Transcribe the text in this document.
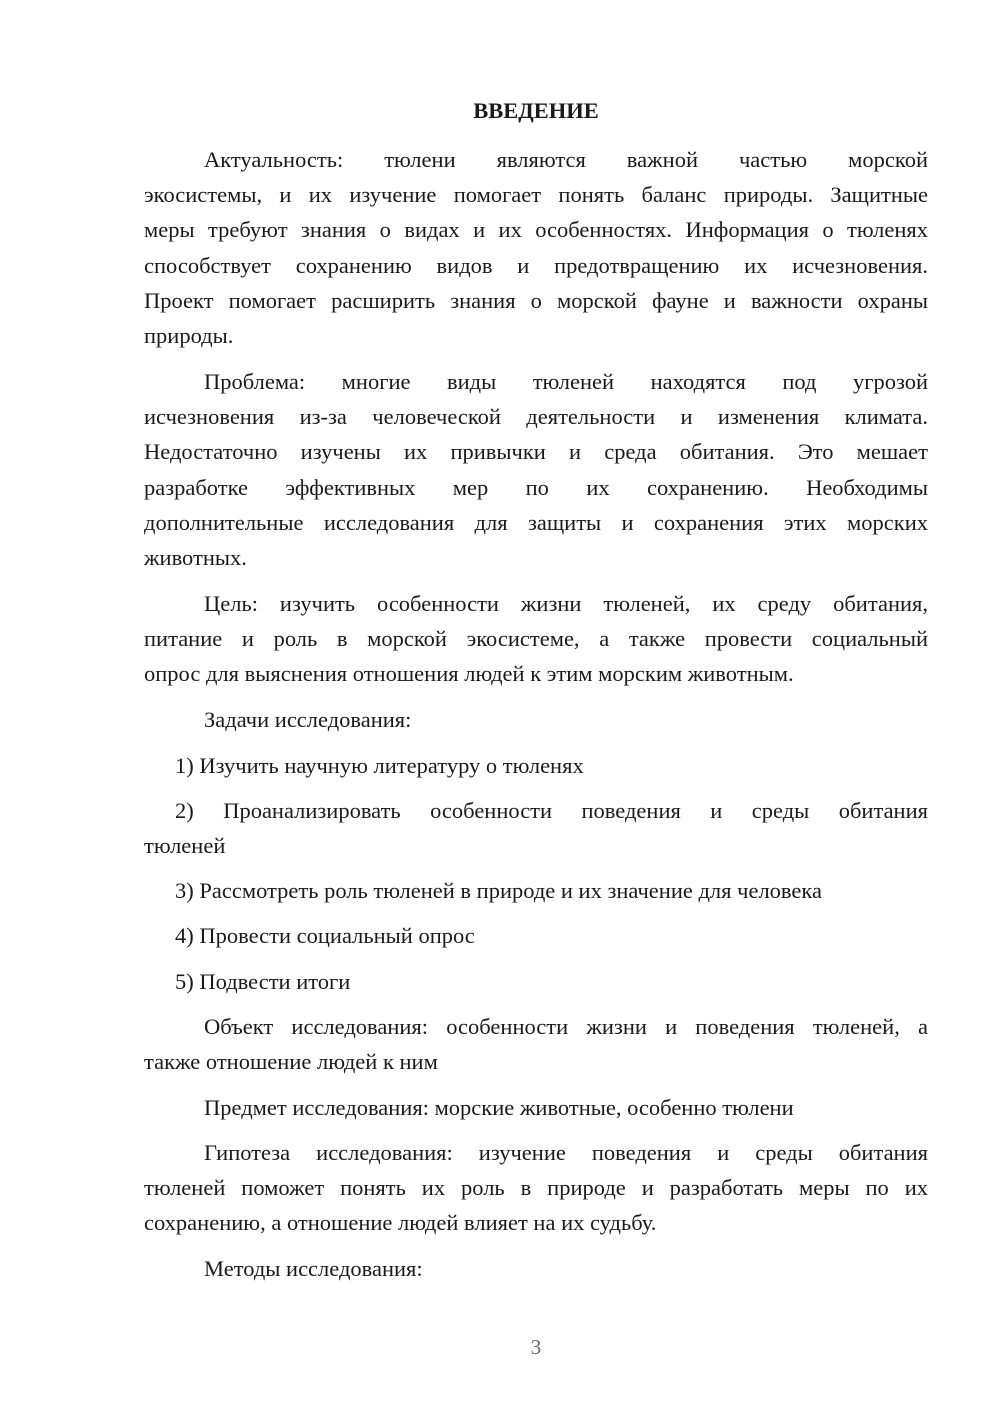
ВВЕДЕНИЕ
Актуальность: тюлени являются важной частью морской
экосистемы, и их изучение помогает понять баланс природы. Защитные
меры требуют знания о видах и их особенностях. Информация о тюленях
способствует сохранению видов и предотвращению их исчезновения.
Проект помогает расширить знания о морской фауне и важности охраны
природы.
Проблема: многие виды тюленей находятся под угрозой
исчезновения из-за человеческой деятельности и изменения климата.
Недостаточно изучены их привычки и среда обитания. Это мешает
разработке эффективных мер по их сохранению. Необходимы
дополнительные исследования для защиты и сохранения этих морских
животных.
Цель: изучить особенности жизни тюленей, их среду обитания,
питание и роль в морской экосистеме, а также провести социальный
опрос для выяснения отношения людей к этим морским животным.
Задачи исследования:
1) Изучить научную литературу о тюленях
2) Проанализировать особенности поведения и среды обитания
тюленей
3) Рассмотреть роль тюленей в природе и их значение для человека
4) Провести социальный опрос
5) Подвести итоги
Объект исследования: особенности жизни и поведения тюленей, а
также отношение людей к ним
Предмет исследования: морские животные, особенно тюлени
Гипотеза исследования: изучение поведения и среды обитания
тюленей поможет понять их роль в природе и разработать меры по их
сохранению, а отношение людей влияет на их судьбу.
Методы исследования:
3
